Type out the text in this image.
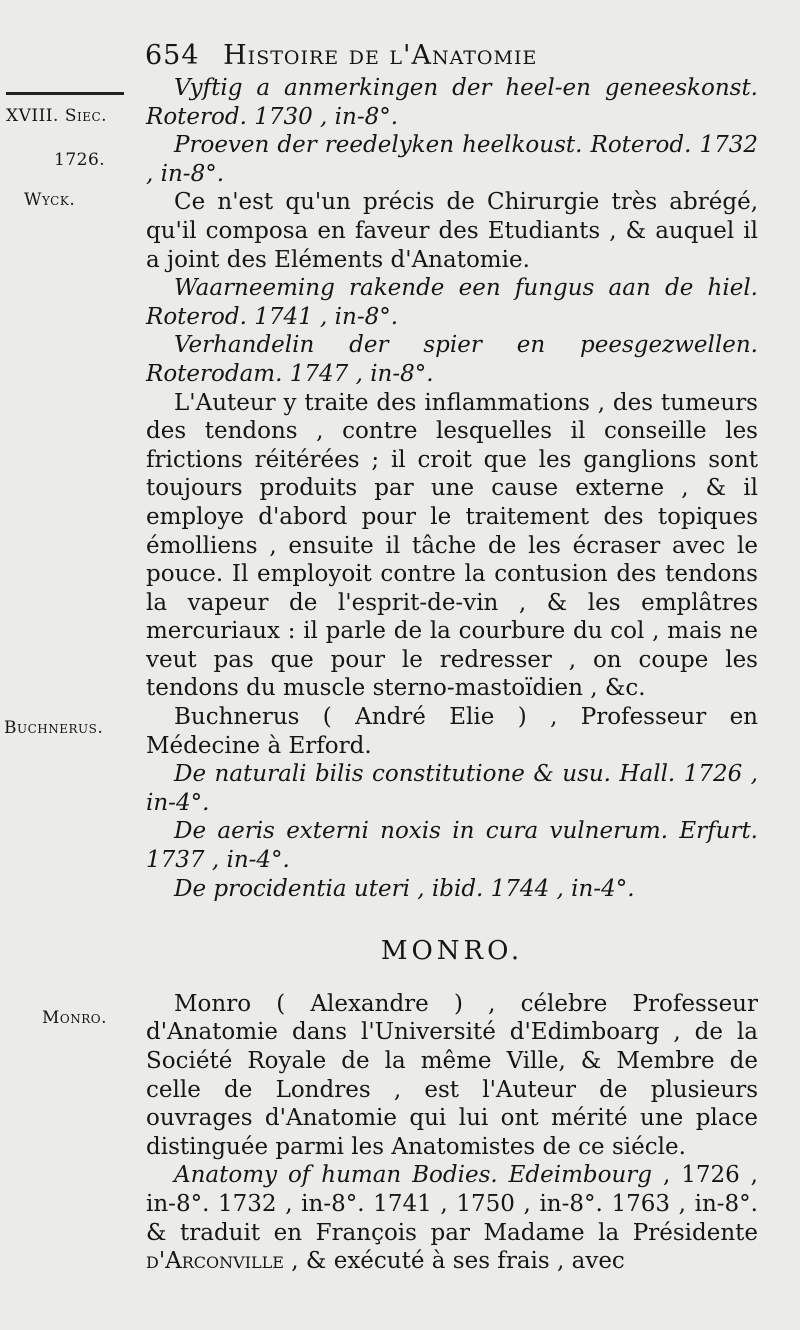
654 Histoire de l'Anatomie
XVIII. Siec.
1726.
Wyck.
Buchnerus.
Monro.

Vyftig a anmerkingen der heel-en geneeskonst. Roterod. 1730 , in-8°.

Proeven der reedelyken heelkoust. Roterod. 1732 , in-8°.

Ce n'est qu'un précis de Chirurgie très abrégé, qu'il composa en faveur des Etudiants , & auquel il a joint des Eléments d'Anatomie.

Waarneeming rakende een fungus aan de hiel. Roterod. 1741 , in-8°.

Verhandelin der spier en peesgezwellen. Roterodam. 1747 , in-8°.

L'Auteur y traite des inflammations , des tumeurs des tendons , contre lesquelles il conseille les frictions réitérées ; il croit que les ganglions sont toujours produits par une cause externe , & il employe d'abord pour le traitement des topiques émolliens , ensuite il tâche de les écraser avec le pouce. Il employoit contre la contusion des tendons la vapeur de l'esprit-de-vin , & les emplâtres mercuriaux : il parle de la courbure du col , mais ne veut pas que pour le redresser , on coupe les tendons du muscle sterno-mastoïdien , &c.

Buchnerus ( André Elie ) , Professeur en Médecine à Erford.

De naturali bilis constitutione & usu. Hall. 1726 , in-4°.

De aeris externi noxis in cura vulnerum. Erfurt. 1737 , in-4°.

De procidentia uteri , ibid. 1744 , in-4°.

MONRO.

Monro ( Alexandre ) , célebre Professeur d'Anatomie dans l'Université d'Edimboarg , de la Société Royale de la même Ville, & Membre de celle de Londres , est l'Auteur de plusieurs ouvrages d'Anatomie qui lui ont mérité une place distinguée parmi les Anatomistes de ce siécle.

Anatomy of human Bodies. Edeimbourg , 1726 , in-8°. 1732 , in-8°. 1741 , 1750 , in-8°. 1763 , in-8°. & traduit en François par Madame la Présidente d'Arconville , & exécuté à ses frais , avec
